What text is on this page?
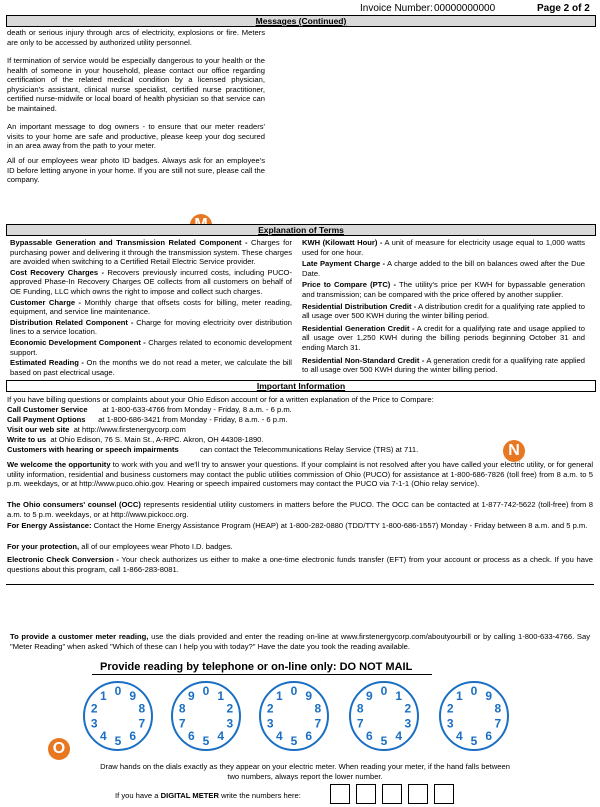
Invoice Number: 00000000000	Page 2 of 2
Messages (Continued)
death or serious injury through arcs of electricity, explosions or fire. Meters are only to be accessed by authorized utility personnel.
If termination of service would be especially dangerous to your health or the health of someone in your household, please contact our office regarding certification of the related medical condition by a licensed physician, physician's assistant, clinical nurse specialist, certified nurse practitioner, certified nurse-midwife or local board of health physician so that service can be maintained.
An important message to dog owners - to ensure that our meter readers' visits to your home are safe and productive, please keep your dog secured in an area away from the path to your meter.
All of our employees wear photo ID badges. Always ask for an employee's ID before letting anyone in your home. If you are still not sure, please call the company.
Explanation of Terms
Bypassable Generation and Transmission Related Component - Charges for purchasing power and delivering it through the transmission system. These charges are avoided when switching to a Certified Retail Electric Service provider.
Cost Recovery Charges - Recovers previously incurred costs, including PUCO-approved Phase-In Recovery Charges OE collects from all customers on behalf of OE Funding, LLC which owns the right to impose and collect such charges.
Customer Charge - Monthly charge that offsets costs for billing, meter reading, equipment, and service line maintenance.
Distribution Related Component - Charge for moving electricity over distribution lines to a service location.
Economic Development Component - Charges related to economic development support.
Estimated Reading - On the months we do not read a meter, we calculate the bill based on past electrical usage.
KWH (Kilowatt Hour) - A unit of measure for electricity usage equal to 1,000 watts used for one hour.
Late Payment Charge - A charge added to the bill on balances owed after the Due Date.
Price to Compare (PTC) - The utility's price per KWH for bypassable generation and transmission; can be compared with the price offered by another supplier.
Residential Distribution Credit - A distribution credit for a qualifying rate applied to all usage over 500 KWH during the winter billing period.
Residential Generation Credit - A credit for a qualifying rate and usage applied to all usage over 1,250 KWH during the billing periods beginning October 31 and ending March 31.
Residential Non-Standard Credit - A generation credit for a qualifying rate applied to all usage over 500 KWH during the winter billing period.
Important Information
N
If you have billing questions or complaints about your Ohio Edison account or for a written explanation of the Price to Compare:
Call Customer Service at 1-800-633-4766 from Monday - Friday, 8 a.m. - 6 p.m.
Call Payment Options at 1-800-686-3421 from Monday - Friday, 8 a.m. - 6 p.m.
Visit our web site at http://www.firstenergycorp.com
Write to us at Ohio Edison, 76 S. Main St., A-RPC. Akron, OH 44308-1890.
Customers with hearing or speech impairments	can contact the Telecommunications Relay Service (TRS) at 711.
We welcome the opportunity to work with you and we'll try to answer your questions. If your complaint is not resolved after you have called your electric utility, or for general utility information, residential and business customers may contact the public utilities commission of Ohio (PUCO) for assistance at 1-800-686-7826 (toll free) from 8 a.m. to 5 p.m. weekdays, or at http://www.puco.ohio.gov. Hearing or speech impaired customers may contact the PUCO via 7-1-1 (Ohio relay service).
The Ohio consumers' counsel (OCC) represents residential utility customers in matters before the PUCO. The OCC can be contacted at 1-877-742-5622 (toll-free) from 8 a.m. to 5 p.m. weekdays, or at http://www.pickocc.org.
For Energy Assistance: Contact the Home Energy Assistance Program (HEAP) at 1-800-282-0880 (TDD/TTY 1-800-686-1557) Monday - Friday between 8 a.m. and 5 p.m.
For your protection, all of our employees wear Photo I.D. badges.
Electronic Check Conversion - Your check authorizes us either to make a one-time electronic funds transfer (EFT) from your account or process as a check. If you have questions about this program, call 1-866-283-8081.
To provide a customer meter reading, use the dials provided and enter the reading on-line at www.firstenergycorp.com/aboutyourbill or by calling 1-800-633-4766. Say "Meter Reading" when asked "Which of these can I help you with today?" Have the date you took the reading available.
Provide reading by telephone or on-line only: DO NOT MAIL
0 9
8
7
6
5
4
3
2
1	0 1
2
3
4
5
6
7
8
9	0 9
8
7
6
5
4
3
2
1	0 1
2
3
4
5
6
7
8
9	0 9
8
7
6
5
4
3
2
1
O
Draw hands on the dials exactly as they appear on your electric meter. When reading your meter, if the hand falls between two numbers, always report the lower number.
If you have a DIGITAL METER write the numbers here:
